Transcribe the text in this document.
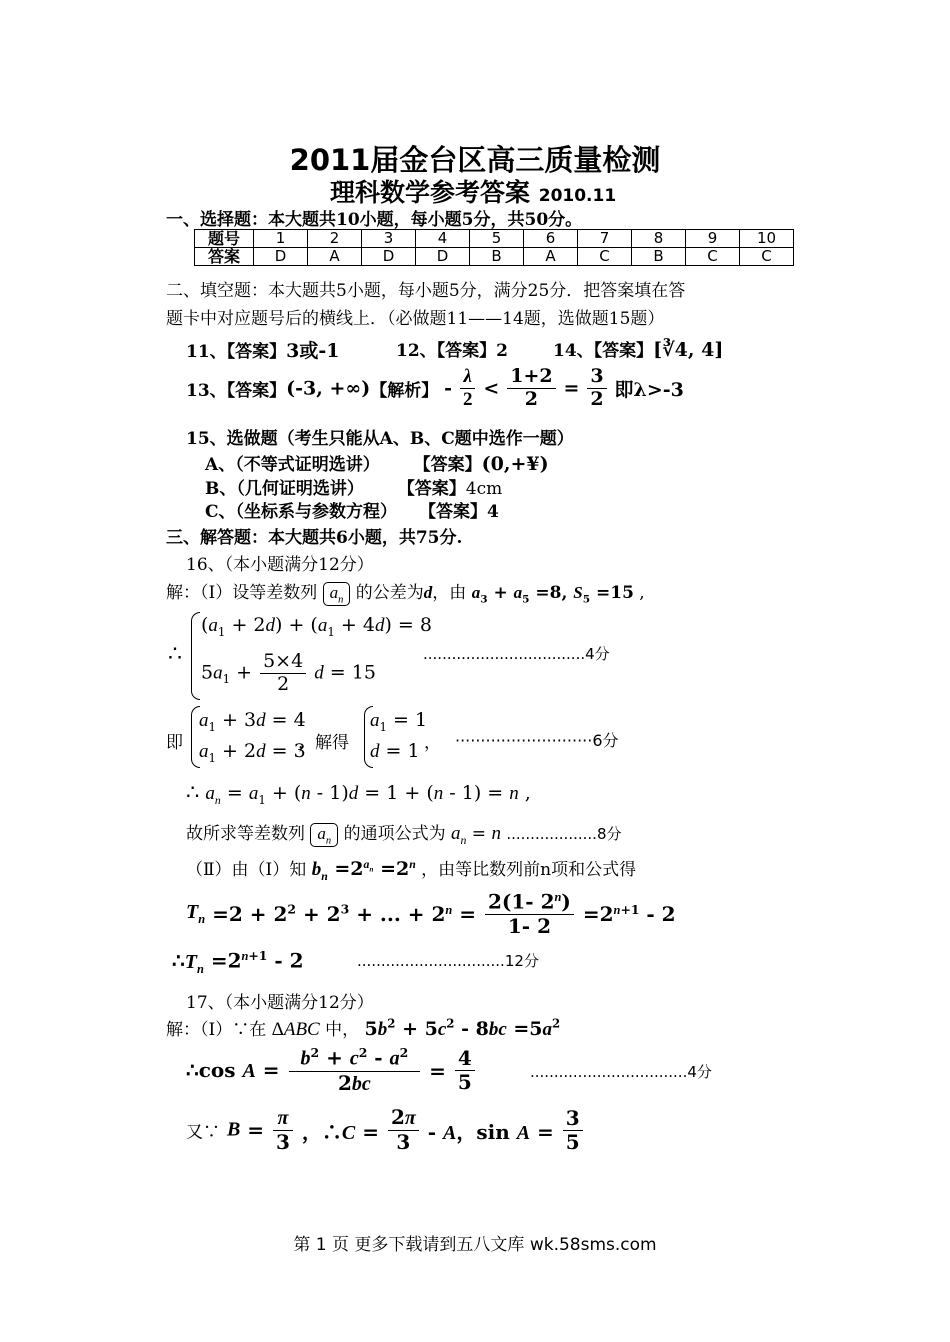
2011届金台区高三质量检测
理科数学参考答案 2010.11
一、选择题：本大题共10小题，每小题5分，共50分。
题号	1	2	3	4	5	6	7	8	9	10
答案	D	A	D	D	B	A	C	B	C	C
二、填空题：本大题共5小题，每小题5分，满分25分．把答案填在答
题卡中对应题号后的横线上．（必做题11——14题，选做题15题）
11、【答案】3或-1	12、【答案】2	14、【答案】[∛4, 4]
13、【答案】(-3, +∞)【解析】 - $\frac{\lambda}{2} < \frac{1+2}{2} = \frac{3}{2}$ 即λ>-3
15、选做题（考生只能从A、B、C题中选作一题）
A、（不等式证明选讲） 【答案】(0,+¥)
B、（几何证明选讲） 【答案】4cm
C、（坐标系与参数方程） 【答案】4
三、解答题：本大题共6小题，共75分.
16、（本小题满分12分）
解：（Ⅰ）设等差数列 $a_n$ 的公差为d，由 $a_3 + a_5 =8$, $S_5 =15$ ,
∴
$(a_1 + 2d) + (a_1 + 4d) = 8$
$5a_1 + \frac{5\times 4}{2}$ d = 15
..................................4分
即
$a_1 + 3d = 4$
$a_1 + 2d = 3$
，解得
$a_1 = 1$
d = 1 ， ···························6分
∴ $a_n = a_1 + (n - 1)d = 1 + (n - 1) = n$ ,
故所求等差数列 $a_n$ 的通项公式为 $a_n = n$ ...................8分
（Ⅱ）由（Ⅰ）知 $b_n =2^{a_n} =2^n$ ，由等比数列前n项和公式得
$T_n =2 + 2^2 + 2^3$ + ... + $2^n = \frac{2(1- 2^n)}{1- 2} =2^{n+1} - 2$
$\therefore T_n =2^{n+1} - 2$	...............................12分
17、（本小题满分12分）
解：（Ⅰ）∵在 ΔABC 中， $5b^2 + 5c^2 - 8bc =5a^2$
∴cos $A = \frac{b^2 + c^2 - a^2}{2bc} = \frac{4}{5}$	.................................4分
又∵ $B = \frac{\pi}{3}$ ，∴C = $\frac{2\pi}{3}$ - A，$\sin A = \frac{3}{5}$
第 1 页 更多下载请到五八文库 wk.58sms.com
